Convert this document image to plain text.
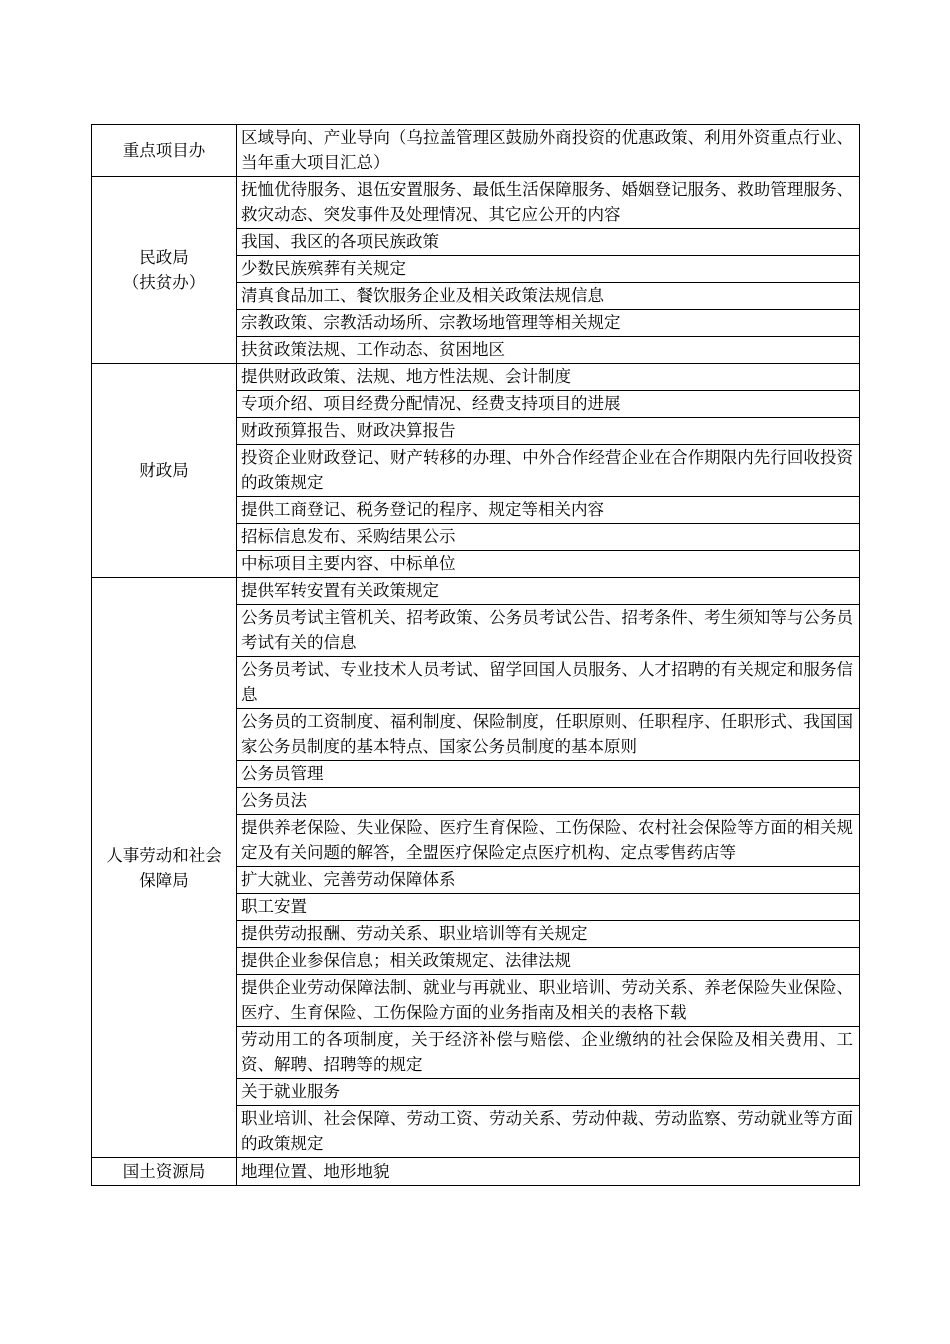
重点项目办	区域导向、产业导向（乌拉盖管理区鼓励外商投资的优惠政策、利用外资重点行业、当年重大项目汇总）

民政局
（扶贫办）	抚恤优待服务、退伍安置服务、最低生活保障服务、婚姻登记服务、救助管理服务、救灾动态、突发事件及处理情况、其它应公开的内容
	我国、我区的各项民族政策
	少数民族殡葬有关规定
	清真食品加工、餐饮服务企业及相关政策法规信息
	宗教政策、宗教活动场所、宗教场地管理等相关规定
	扶贫政策法规、工作动态、贫困地区

财政局	提供财政政策、法规、地方性法规、会计制度
	专项介绍、项目经费分配情况、经费支持项目的进展
	财政预算报告、财政决算报告
	投资企业财政登记、财产转移的办理、中外合作经营企业在合作期限内先行回收投资的政策规定
	提供工商登记、税务登记的程序、规定等相关内容
	招标信息发布、采购结果公示
	中标项目主要内容、中标单位

人事劳动和社会
保障局	提供军转安置有关政策规定
	公务员考试主管机关、招考政策、公务员考试公告、招考条件、考生须知等与公务员考试有关的信息
	公务员考试、专业技术人员考试、留学回国人员服务、人才招聘的有关规定和服务信息
	公务员的工资制度、福利制度、保险制度，任职原则、任职程序、任职形式、我国国家公务员制度的基本特点、国家公务员制度的基本原则
	公务员管理
	公务员法
	提供养老保险、失业保险、医疗生育保险、工伤保险、农村社会保险等方面的相关规定及有关问题的解答，全盟医疗保险定点医疗机构、定点零售药店等
	扩大就业、完善劳动保障体系
	职工安置
	提供劳动报酬、劳动关系、职业培训等有关规定
	提供企业参保信息；相关政策规定、法律法规
	提供企业劳动保障法制、就业与再就业、职业培训、劳动关系、养老保险失业保险、医疗、生育保险、工伤保险方面的业务指南及相关的表格下载
	劳动用工的各项制度，关于经济补偿与赔偿、企业缴纳的社会保险及相关费用、工资、解聘、招聘等的规定
	关于就业服务
	职业培训、社会保障、劳动工资、劳动关系、劳动仲裁、劳动监察、劳动就业等方面的政策规定

国土资源局	地理位置、地形地貌
